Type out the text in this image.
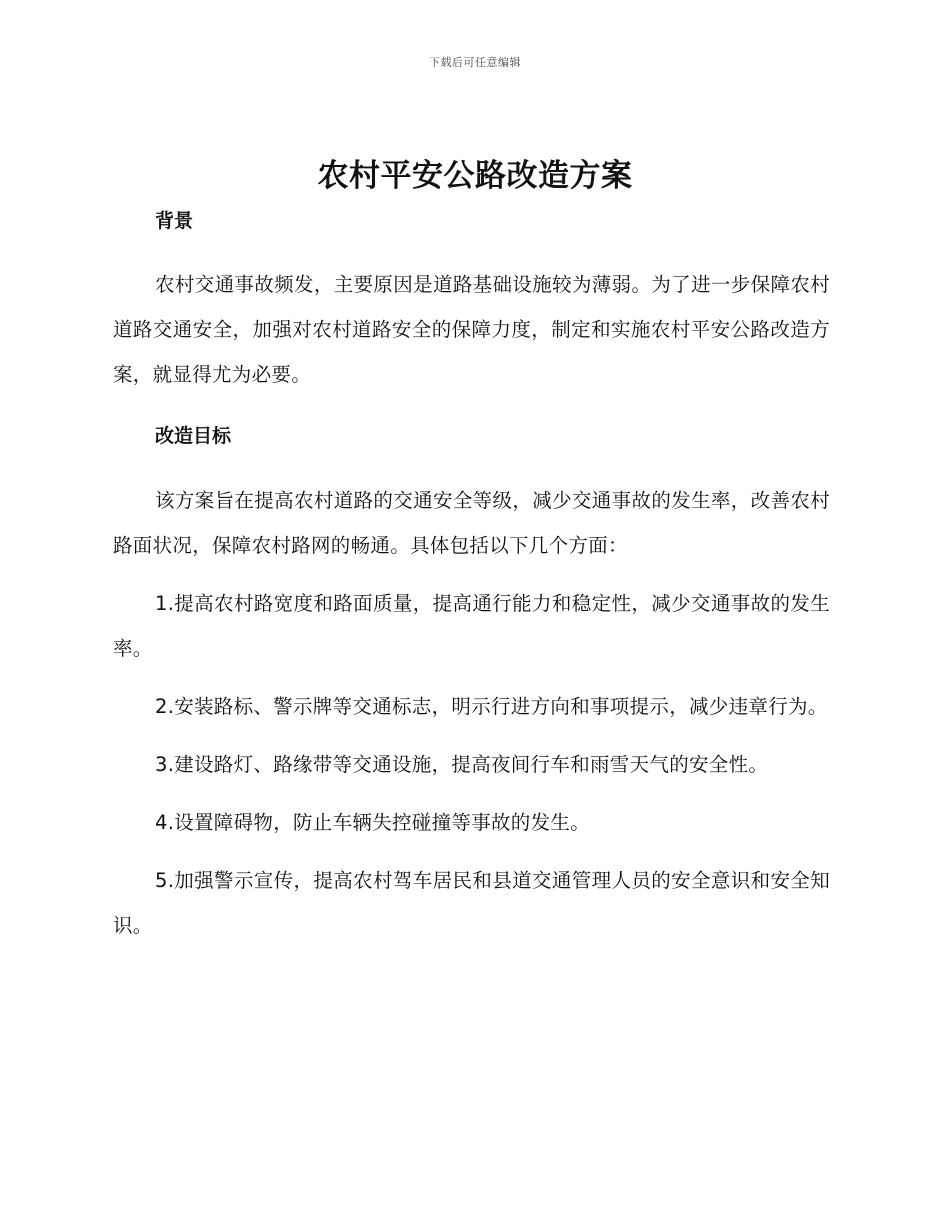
下载后可任意编辑
农村平安公路改造方案
背景

农村交通事故频发，主要原因是道路基础设施较为薄弱。为了进一步保障农村道路交通安全，加强对农村道路安全的保障力度，制定和实施农村平安公路改造方案，就显得尤为必要。

改造目标

该方案旨在提高农村道路的交通安全等级，减少交通事故的发生率，改善农村路面状况，保障农村路网的畅通。具体包括以下几个方面：

1.提高农村路宽度和路面质量，提高通行能力和稳定性，减少交通事故的发生率。

2.安装路标、警示牌等交通标志，明示行进方向和事项提示，减少违章行为。

3.建设路灯、路缘带等交通设施，提高夜间行车和雨雪天气的安全性。

4.设置障碍物，防止车辆失控碰撞等事故的发生。

5.加强警示宣传，提高农村驾车居民和县道交通管理人员的安全意识和安全知识。
